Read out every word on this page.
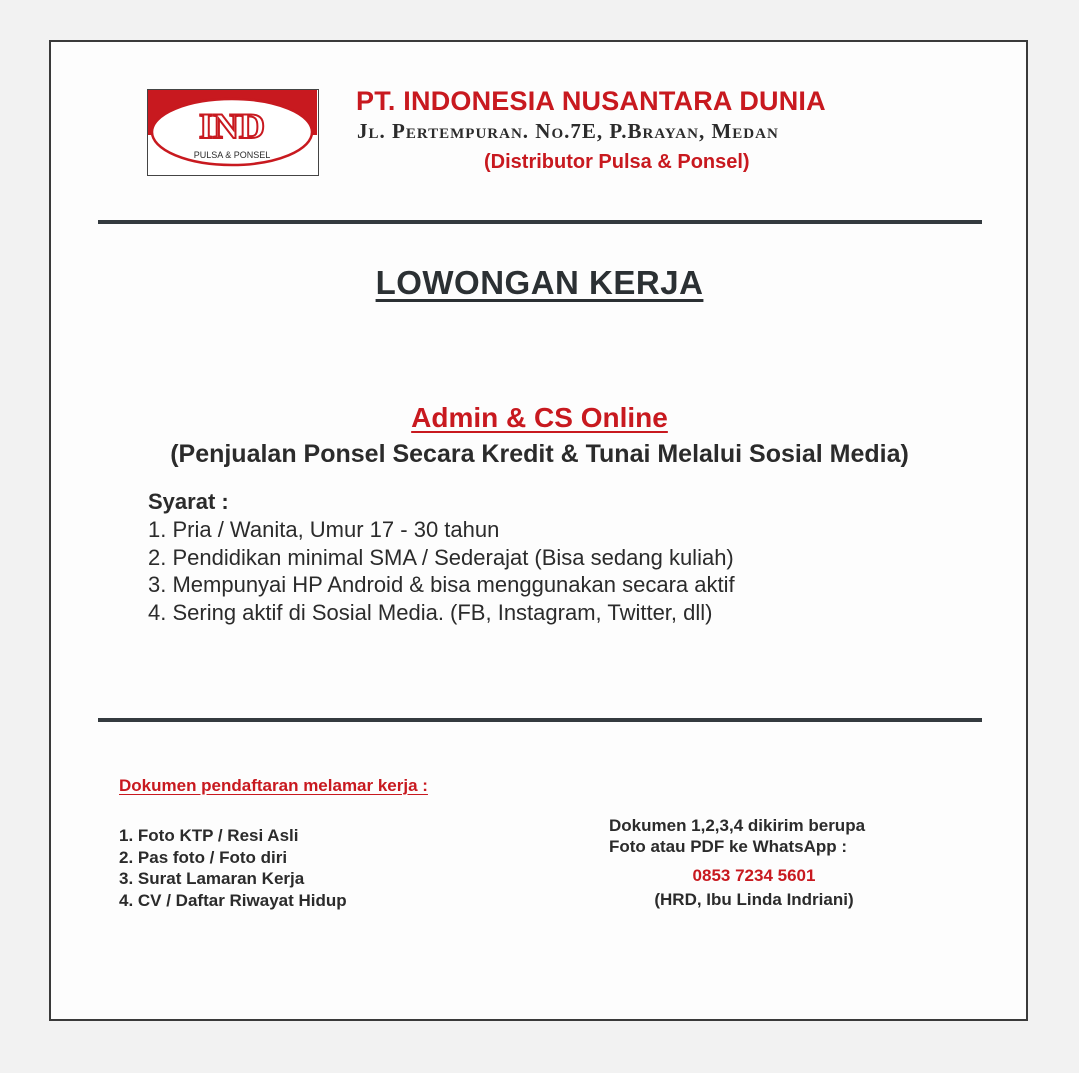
IND
PULSA & PONSEL
PT. INDONESIA NUSANTARA DUNIA
Jl. Pertempuran. No.7E, P.Brayan, Medan
(Distributor Pulsa & Ponsel)
LOWONGAN KERJA
Admin & CS Online
(Penjualan Ponsel Secara Kredit & Tunai Melalui Sosial Media)
Syarat :
1. Pria / Wanita, Umur 17 - 30 tahun
2. Pendidikan minimal SMA / Sederajat (Bisa sedang kuliah)
3. Mempunyai HP Android & bisa menggunakan secara aktif
4. Sering aktif di Sosial Media. (FB, Instagram, Twitter, dll)
Dokumen pendaftaran melamar kerja :
1. Foto KTP / Resi Asli
2. Pas foto / Foto diri
3. Surat Lamaran Kerja
4. CV / Daftar Riwayat Hidup
Dokumen 1,2,3,4 dikirim berupa
Foto atau PDF ke WhatsApp :
0853 7234 5601
(HRD, Ibu Linda Indriani)
